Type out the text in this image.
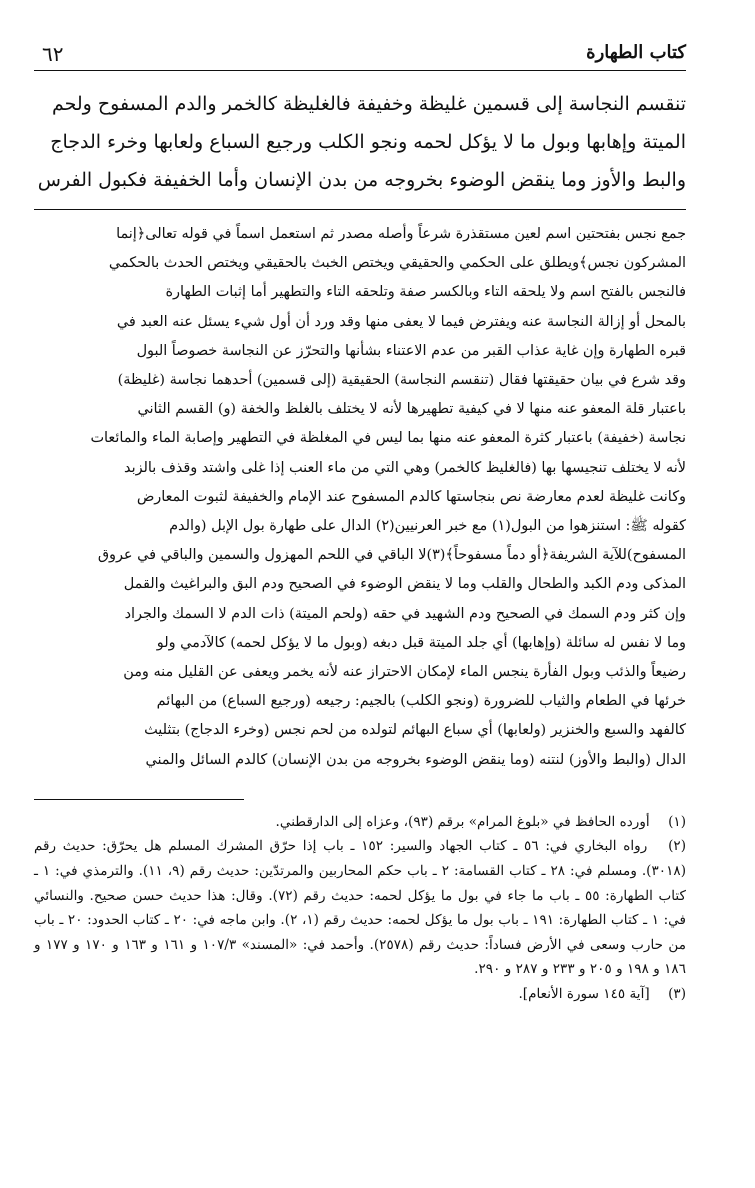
كتاب الطهارة
٦٢

تنقسم النجاسة إلى قسمين غليظة وخفيفة فالغليظة كالخمر والدم المسفوح ولحم

الميتة وإهابها وبول ما لا يؤكل لحمه ونجو الكلب ورجيع السباع ولعابها وخرء الدجاج

والبط والأوز وما ينقض الوضوء بخروجه من بدن الإنسان وأما الخفيفة فكبول الفرس

جمع نجس بفتحتين اسم لعين مستقذرة شرعاً وأصله مصدر ثم استعمل اسماً في قوله تعالى﴿إنما

المشركون نجس﴾ويطلق على الحكمي والحقيقي ويختص الخبث بالحقيقي ويختص الحدث بالحكمي

فالنجس بالفتح اسم ولا يلحقه التاء وبالكسر صفة وتلحقه التاء والتطهير أما إثبات الطهارة

بالمحل أو إزالة النجاسة عنه ويفترض فيما لا يعفى منها وقد ورد أن أول شيء يسئل عنه العبد في

قبره الطهارة وإن غاية عذاب القبر من عدم الاعتناء بشأنها والتحرّز عن النجاسة خصوصاً البول

وقد شرع في بيان حقيقتها فقال (تنقسم النجاسة) الحقيقية (إلى قسمين) أحدهما نجاسة (غليظة)

باعتبار قلة المعفو عنه منها لا في كيفية تطهيرها لأنه لا يختلف بالغلظ والخفة (و) القسم الثاني

نجاسة (خفيفة) باعتبار كثرة المعفو عنه منها بما ليس في المغلظة في التطهير وإصابة الماء والمائعات

لأنه لا يختلف تنجيسها بها (فالغليظ كالخمر) وهي التي من ماء العنب إذا غلى واشتد وقذف بالزبد

وكانت غليظة لعدم معارضة نص بنجاستها كالدم المسفوح عند الإمام والخفيفة لثبوت المعارض

كقوله ﷺ: استنزهوا من البول(١) مع خبر العرنيين(٢) الدال على طهارة بول الإبل (والدم

المسفوح)للآية الشريفة﴿أو دماً مسفوحاً﴾(٣)لا الباقي في اللحم المهزول والسمين والباقي في عروق

المذكى ودم الكبد والطحال والقلب وما لا ينقض الوضوء في الصحيح ودم البق والبراغيث والقمل

وإن كثر ودم السمك في الصحيح ودم الشهيد في حقه (ولحم الميتة) ذات الدم لا السمك والجراد

وما لا نفس له سائلة (وإهابها) أي جلد الميتة قبل دبغه (وبول ما لا يؤكل لحمه) كالآدمي ولو

رضيعاً والذئب وبول الفأرة ينجس الماء لإمكان الاحتراز عنه لأنه يخمر ويعفى عن القليل منه ومن

خرئها في الطعام والثياب للضرورة (ونجو الكلب) بالجيم: رجيعه (ورجيع السباع) من البهائم

كالفهد والسبع والخنزير (ولعابها) أي سباع البهائم لتولده من لحم نجس (وخرء الدجاج) بتثليث

الدال (والبط والأوز) لنتنه (وما ينقض الوضوء بخروجه من بدن الإنسان) كالدم السائل والمني

(١) أورده الحافظ في «بلوغ المرام» برقم (٩٣)، وعزاه إلى الدارقطني.

(٢) رواه البخاري في: ٥٦ ـ كتاب الجهاد والسير: ١٥٢ ـ باب إذا حرّق المشرك المسلم هل يحرّق: حديث رقم (٣٠١٨). ومسلم في: ٢٨ ـ كتاب القسامة: ٢ ـ باب حكم المحاربين والمرتدّين: حديث رقم (٩، ١١). والترمذي في: ١ ـ كتاب الطهارة: ٥٥ ـ باب ما جاء في بول ما يؤكل لحمه: حديث رقم (٧٢). وقال: هذا حديث حسن صحيح. والنسائي في: ١ ـ كتاب الطهارة: ١٩١ ـ باب بول ما يؤكل لحمه: حديث رقم (١، ٢). وابن ماجه في: ٢٠ ـ كتاب الحدود: ٢٠ ـ باب من حارب وسعى في الأرض فساداً: حديث رقم (٢٥٧٨). وأحمد في: «المسند» ١٠٧/٣ و ١٦١ و ١٦٣ و ١٧٠ و ١٧٧ و ١٨٦ و ١٩٨ و ٢٠٥ و ٢٣٣ و ٢٨٧ و ٢٩٠.

(٣) [آية ١٤٥ سورة الأنعام].
